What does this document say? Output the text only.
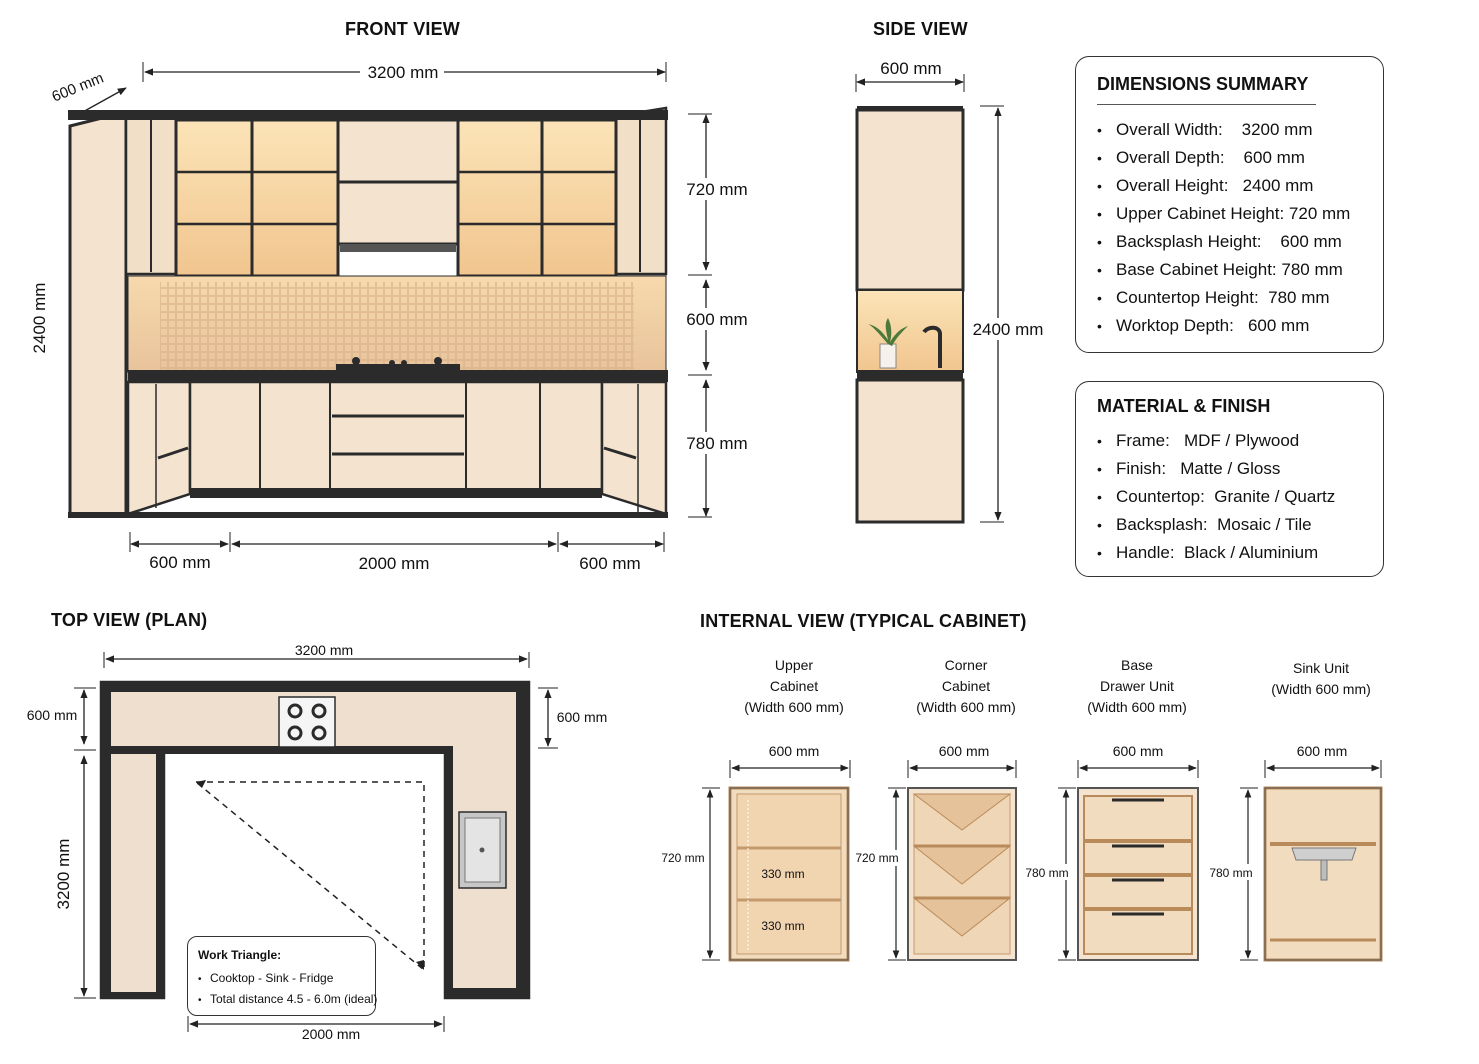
3200 mm
600 mm
2400 mm
720 mm
600 mm
780 mm
600 mm	2000 mm	600 mm
600 mm
2400 mm
3200 mm
600 mm
3200 mm
600 mm
2000 mm
600 mm
330 mm
330 mm
720 mm
600 mm
720 mm
600 mm
780 mm
600 mm
780 mm
FRONT VIEW	SIDE VIEW
TOP VIEW (PLAN)	INTERNAL VIEW (TYPICAL CABINET)
DIMENSIONS SUMMARY
• Overall Width:    3200 mm
• Overall Depth:    600 mm
• Overall Height:   2400 mm
• Upper Cabinet Height: 720 mm
• Backsplash Height:    600 mm
• Base Cabinet Height: 780 mm
• Countertop Height:  780 mm
• Worktop Depth:   600 mm
MATERIAL & FINISH
• Frame:   MDF / Plywood
• Finish:   Matte / Gloss
• Countertop:  Granite / Quartz
• Backsplash:  Mosaic / Tile
• Handle:  Black / Aluminium
Work Triangle:
• Cooktop - Sink - Fridge
• Total distance 4.5 - 6.0m (ideal)
Upper
Cabinet
(Width 600 mm)
Corner
Cabinet
(Width 600 mm)
Base
Drawer Unit
(Width 600 mm)
Sink Unit
(Width 600 mm)
